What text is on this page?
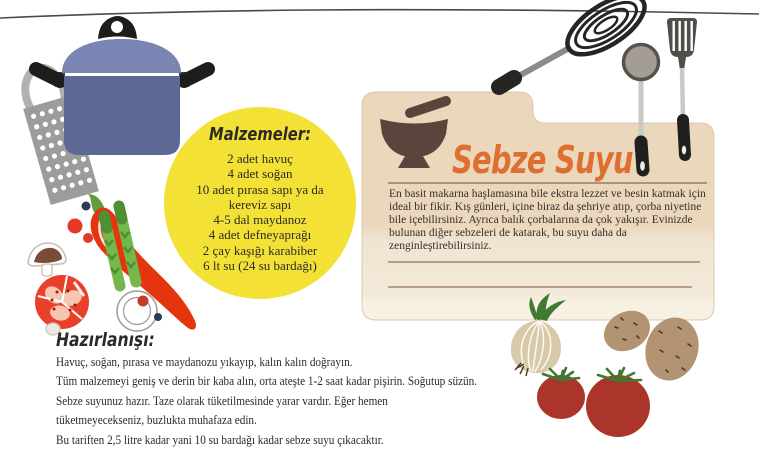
Malzemeler:
2 adet havuç
4 adet soğan
10 adet pırasa sapı ya da kereviz sapı
4-5 dal maydanoz
4 adet defneyaprağı
2 çay kaşığı karabiber
6 lt su (24 su bardağı)
Sebze Suyu
En basit makarna haşlamasına bile ekstra lezzet ve besin katmak için ideal bir fikir. Kış günleri, içine biraz da şehriye atıp, çorba niyetine bile içebilirsiniz. Ayrıca balık çorbalarına da çok yakışır. Evinizde bulunan diğer sebzeleri de katarak, bu suyu daha da zenginleştirebilirsiniz.
Hazırlanışı:
Havuç, soğan, pırasa ve maydanozu yıkayıp, kalın kalın doğrayın.
Tüm malzemeyi geniş ve derin bir kaba alın, orta ateşte 1-2 saat kadar pişirin. Soğutup süzün.
Sebze suyunuz hazır. Taze olarak tüketilmesinde yarar vardır. Eğer hemen
tüketmeyecekseniz, buzlukta muhafaza edin.
Bu tariften 2,5 litre kadar yani 10 su bardağı kadar sebze suyu çıkacaktır.
